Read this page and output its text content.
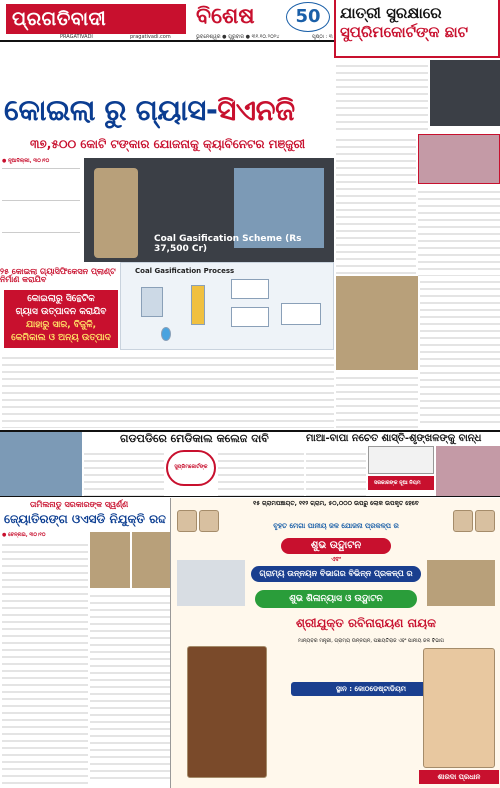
ପ୍ରଗତିବାଦୀ
PRAGATIVADI	pragativadi.com
ବିଶେଷ	50
ଭୁବନେଶ୍ୱର ● ଗୁରୁବାର ● ୩୧.୧୦.୨୦୨୪	ପୃଷ୍ଠା : ୩
ଯାତ୍ରୀ ସୁରକ୍ଷାରେ
ସୁପ୍ରିମକୋର୍ଟଙ୍କ ଛାଟ
କୋଇଲା ରୁ ଗ୍ୟାସ-ସିଏନଜି

୩୭,୫୦୦ କୋଟି ଟଙ୍କାର ଯୋଜନାକୁ କ୍ୟାବିନେଟର ମଞ୍ଜୁରୀ

● ନୂଆଦିଲ୍ଲୀ, ୩୦।୧୦

Coal Gasification Scheme (Rs 37,500 Cr)
Coal Gasification Process

୨୫ କୋଇଲା ଗ୍ୟାସିଫିକେସନ ପ୍ଲାଣ୍ଟ ନିର୍ମାଣ କରାଯିବ

କୋଇଲାରୁ ସିନ୍ଥେଟିକ

ଗ୍ୟାସ ଉତ୍ପାଦନ କରାଯିବ

ଯାହାରୁ ସାର, ବିଜୁଳି,

କେମିକାଲ ଓ ଅନ୍ୟ ଉତ୍ପାଦ

ଗଡପଡିରେ ମେଡିକାଲ କଲେଜ ଦାବି	ମାଆ-ବାପା ନଚେତ ଶାସ୍ତି-ଶୃଙ୍ଖଳଙ୍କୁ ବାନ୍ଧ
ସୁପ୍ରିମକୋର୍ଟଙ୍କ
ସରକାରଙ୍କ ନୂଆ ନିୟମ
ତାମିଲନାଡୁ ସରକାରଙ୍କ ସ୍ୱର୍ଣ୍ଣ
ଜ୍ୟୋତିରଙ୍ଗ ଓଏସଡି ନିଯୁକ୍ତି ରଦ୍ଦ

● ଚେନ୍ନାଇ, ୩୦।୧୦

୧୫ ଗ୍ରାମପଞ୍ଚାୟତ, ୧୧୨ ଗ୍ରାମ, ୫୦,୦୦୦ ଉପରୁ ଲୋକ ଉପକୃତ ହେବେ
ବୃହତ ମେଗା ପାନୀୟ ଜଳ ଯୋଜନା ପ୍ରକଳ୍ପ ର
ଶୁଭ ଉଦ୍ଘାଟନ
ଏବଂ
ଗ୍ରାମ୍ୟ ଉନ୍ନୟନ ବିଭାଗର ବିଭିନ୍ନ ପ୍ରକଳ୍ପ ର
ଶୁଭ ଶିଳାନ୍ୟାସ ଓ ଉଦ୍ଘାଟନ
ଶ୍ରୀଯୁକ୍ତ ରବିନାରାୟଣ ନାୟକ
ମାନ୍ୟବର ମନ୍ତ୍ରୀ, ଗ୍ରାମ୍ୟ ଉନ୍ନୟନ, ପଞ୍ଚାୟତିରାଜ ଏବଂ ପାନୀୟ ଜଳ ବିଭାଗ
ସ୍ଥାନ : କୋଠଡେଷ୍ଟାଡିୟମ
ଶାରଦା ପ୍ରଧାନ
